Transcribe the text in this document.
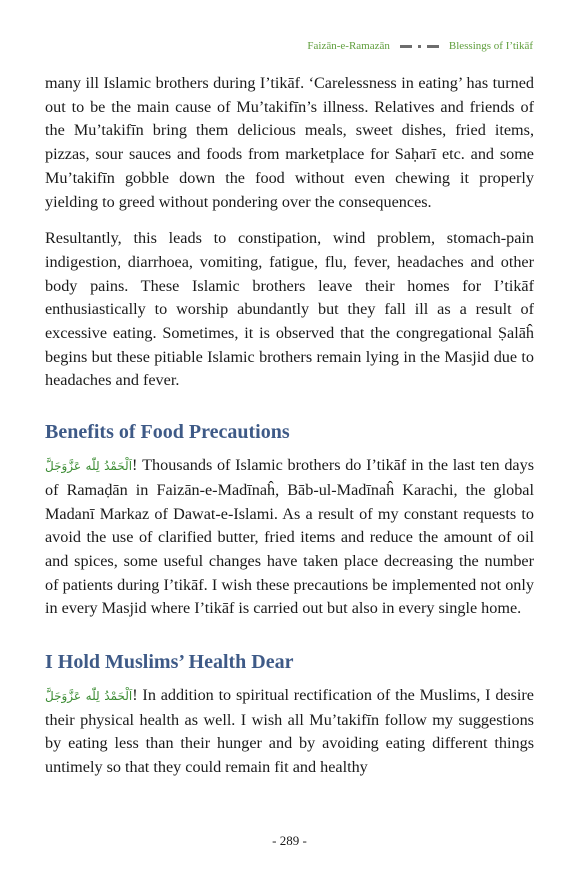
Faizān-e-Ramazān	Blessings of I’tikāf

many ill Islamic brothers during I’tikāf. ‘Carelessness in eating’ has turned out to be the main cause of Mu’takifīn’s illness. Relatives and friends of the Mu’takifīn bring them delicious meals, sweet dishes, fried items, pizzas, sour sauces and foods from marketplace for Saḥarī etc. and some Mu’takifīn gobble down the food without even chewing it properly yielding to greed without pondering over the consequences.

Resultantly, this leads to constipation, wind problem, stomach-pain indigestion, diarrhoea, vomiting, fatigue, flu, fever, headaches and other body pains. These Islamic brothers leave their homes for I’tikāf enthusiastically to worship abundantly but they fall ill as a result of excessive eating. Sometimes, it is observed that the congregational Ṣalāĥ begins but these pitiable Islamic brothers remain lying in the Masjid due to headaches and fever.

Benefits of Food Precautions

اَلْحَمْدُ لِلّٰه عَزَّوَجَلَّ! Thousands of Islamic brothers do I’tikāf in the last ten days of Ramaḍān in Faizān-e-Madīnaĥ, Bāb-ul-Madīnaĥ Karachi, the global Madanī Markaz of Dawat-e-Islami. As a result of my constant requests to avoid the use of clarified butter, fried items and reduce the amount of oil and spices, some useful changes have taken place decreasing the number of patients during I’tikāf. I wish these precautions be implemented not only in every Masjid where I’tikāf is carried out but also in every single home.

I Hold Muslims’ Health Dear

اَلْحَمْدُ لِلّٰه عَزَّوَجَلَّ! In addition to spiritual rectification of the Muslims, I desire their physical health as well. I wish all Mu’takifīn follow my suggestions by eating less than their hunger and by avoiding eating different things untimely so that they could remain fit and healthy

- 289 -
